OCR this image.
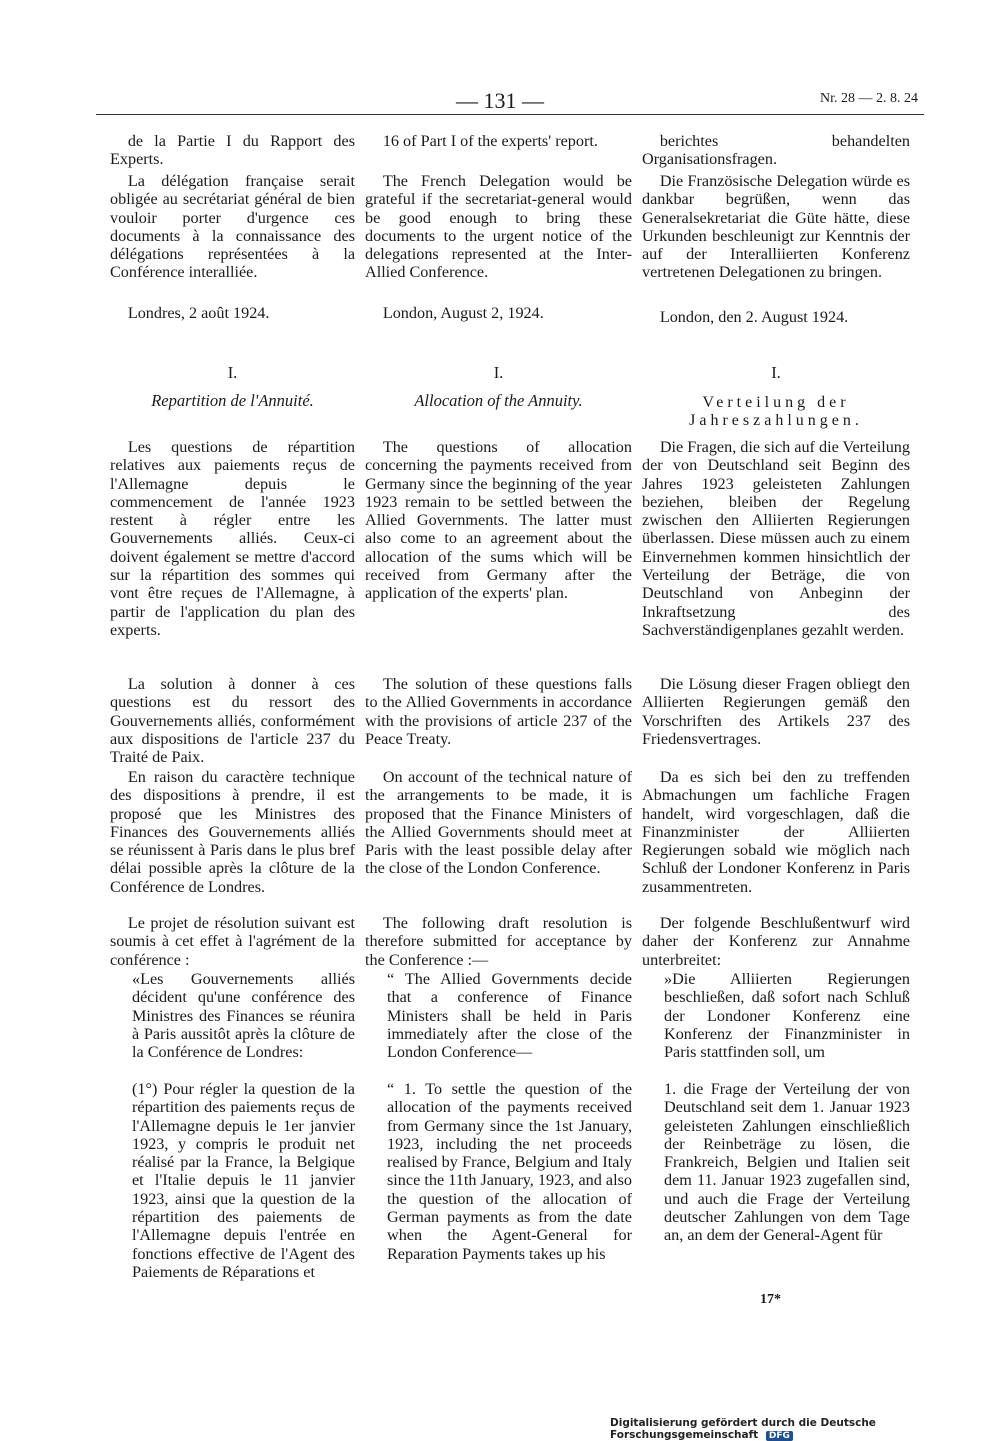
— 131 —	Nr. 28 — 2. 8. 24

de la Partie I du Rapport des Experts.

La délégation française serait obligée au secrétariat général de bien vouloir porter d'urgence ces documents à la connaissance des délégations représentées à la Conférence interalliée.

Londres, 2 août 1924.

I.
Repartition de l'Annuité.

Les questions de répartition relatives aux paiements reçus de l'Allemagne depuis le commencement de l'année 1923 restent à régler entre les Gouvernements alliés. Ceux-ci doivent également se mettre d'accord sur la répartition des sommes qui vont être reçues de l'Allemagne, à partir de l'application du plan des experts.

La solution à donner à ces questions est du ressort des Gouvernements alliés, conformément aux dispositions de l'article 237 du Traité de Paix.

En raison du caractère technique des dispositions à prendre, il est proposé que les Ministres des Finances des Gouvernements alliés se réunissent à Paris dans le plus bref délai possible après la clôture de la Conférence de Londres.

Le projet de résolution suivant est soumis à cet effet à l'agrément de la conférence :

«Les Gouvernements alliés décident qu'une conférence des Ministres des Finances se réunira à Paris aussitôt après la clôture de la Conférence de Londres:

(1°) Pour régler la question de la répartition des paiements reçus de l'Allemagne depuis le 1er janvier 1923, y compris le produit net réalisé par la France, la Belgique et l'Italie depuis le 11 janvier 1923, ainsi que la question de la répartition des paiements de l'Allemagne depuis l'entrée en fonctions effective de l'Agent des Paiements de Réparations et

16 of Part I of the experts' report.

The French Delegation would be grateful if the secretariat-general would be good enough to bring these documents to the urgent notice of the delegations represented at the Inter-Allied Conference.

London, August 2, 1924.

I.
Allocation of the Annuity.

The questions of allocation concerning the payments received from Germany since the beginning of the year 1923 remain to be settled between the Allied Governments. The latter must also come to an agreement about the allocation of the sums which will be received from Germany after the application of the experts' plan.

The solution of these questions falls to the Allied Governments in accordance with the provisions of article 237 of the Peace Treaty.

On account of the technical nature of the arrangements to be made, it is proposed that the Finance Ministers of the Allied Governments should meet at Paris with the least possible delay after the close of the London Conference.

The following draft resolution is therefore submitted for acceptance by the Conference :—

“ The Allied Governments decide that a conference of Finance Ministers shall be held in Paris immediately after the close of the London Conference—

“ 1. To settle the question of the allocation of the payments received from Germany since the 1st January, 1923, including the net proceeds realised by France, Belgium and Italy since the 11th January, 1923, and also the question of the allocation of German payments as from the date when the Agent-General for Reparation Payments takes up his

berichtes behandelten Organisationsfragen.

Die Französische Delegation würde es dankbar begrüßen, wenn das Generalsekretariat die Güte hätte, diese Urkunden beschleunigt zur Kenntnis der auf der Interalliierten Konferenz vertretenen Delegationen zu bringen.

London, den 2. August 1924.

I.
Verteilung der Jahreszahlungen.

Die Fragen, die sich auf die Verteilung der von Deutschland seit Beginn des Jahres 1923 geleisteten Zahlungen beziehen, bleiben der Regelung zwischen den Alliierten Regierungen überlassen. Diese müssen auch zu einem Einvernehmen kommen hinsichtlich der Verteilung der Beträge, die von Deutschland von Anbeginn der Inkraftsetzung des Sachverständigenplanes gezahlt werden.

Die Lösung dieser Fragen obliegt den Alliierten Regierungen gemäß den Vorschriften des Artikels 237 des Friedensvertrages.

Da es sich bei den zu treffenden Abmachungen um fachliche Fragen handelt, wird vorgeschlagen, daß die Finanzminister der Alliierten Regierungen sobald wie möglich nach Schluß der Londoner Konferenz in Paris zusammentreten.

Der folgende Beschlußentwurf wird daher der Konferenz zur Annahme unterbreitet:

»Die Alliierten Regierungen beschließen, daß sofort nach Schluß der Londoner Konferenz eine Konferenz der Finanzminister in Paris stattfinden soll, um

1. die Frage der Verteilung der von Deutschland seit dem 1. Januar 1923 geleisteten Zahlungen einschließlich der Reinbeträge zu lösen, die Frankreich, Belgien und Italien seit dem 11. Januar 1923 zugefallen sind, und auch die Frage der Verteilung deutscher Zahlungen von dem Tage an, an dem der General-Agent für

17*
Digitalisierung gefördert durch die Deutsche Forschungsgemeinschaft DFG
